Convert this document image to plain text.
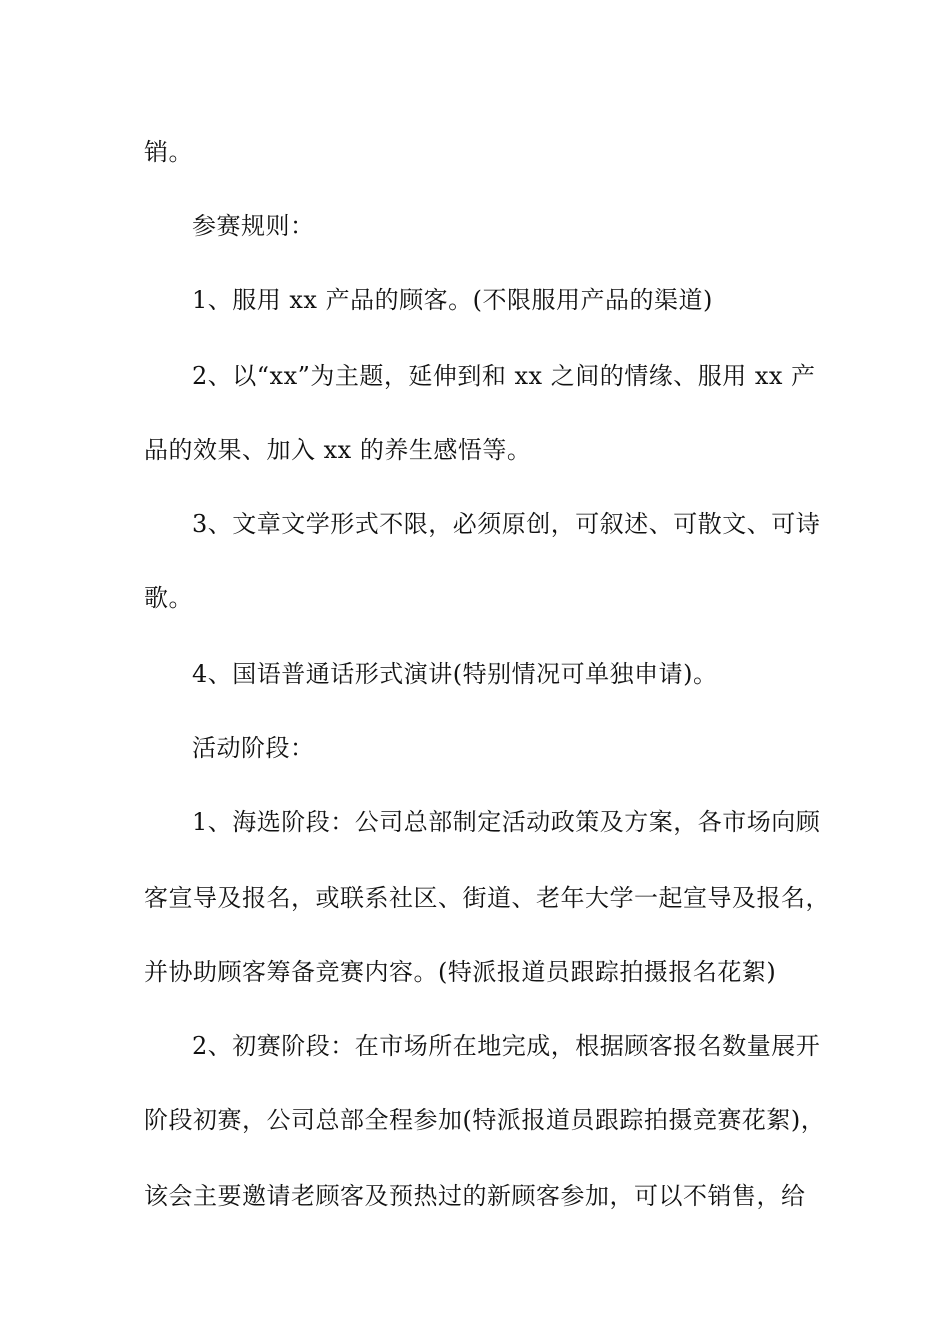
销。
参赛规则：
1、服用 xx 产品的顾客。(不限服用产品的渠道)
2、以“xx”为主题，延伸到和 xx 之间的情缘、服用 xx 产
品的效果、加入 xx 的养生感悟等。
3、文章文学形式不限，必须原创，可叙述、可散文、可诗
歌。
4、国语普通话形式演讲(特别情况可单独申请)。
活动阶段：
1、海选阶段：公司总部制定活动政策及方案，各市场向顾
客宣导及报名，或联系社区、街道、老年大学一起宣导及报名，
并协助顾客筹备竞赛内容。(特派报道员跟踪拍摄报名花絮)
2、初赛阶段：在市场所在地完成，根据顾客报名数量展开
阶段初赛，公司总部全程参加(特派报道员跟踪拍摄竞赛花絮)，
该会主要邀请老顾客及预热过的新顾客参加，可以不销售，给
